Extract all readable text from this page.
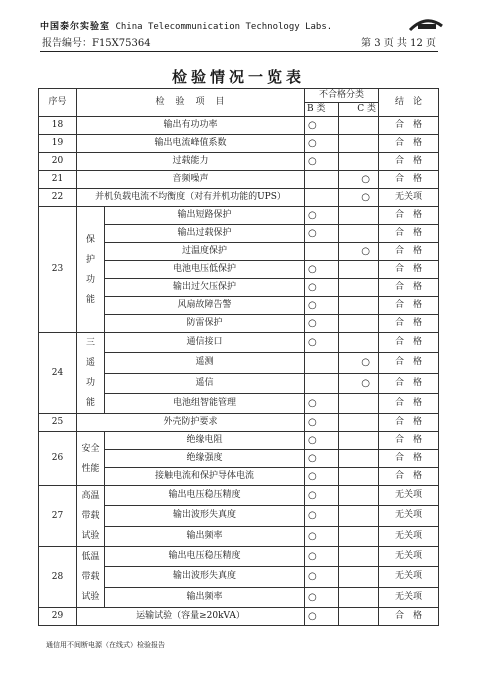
中国泰尔实验室 China Telecommunication Technology Labs.
报告编号：F15X75364	第 3 页 共 12 页
检验情况一览表
序号	检　验　项　目		不合格分类		结　论
			B 类	C 类	
18	输出有功功率		○		合　格
19	输出电流峰值系数		○		合　格
20	过载能力		○		合　格
21	音频噪声			○	合　格
22	并机负载电流不均衡度（对有并机功能的UPS）			○	无关项
23	保
护
功
能	输出短路保护	○		合　格
		输出过载保护	○		合　格
		过温度保护		○	合　格
		电池电压低保护	○		合　格
		输出过欠压保护	○		合　格
		风扇故障告警	○		合　格
		防雷保护	○		合　格
24	三
遥
功
能	通信接口	○		合　格
		遥测		○	合　格
		遥信		○	合　格
		电池组智能管理	○		合　格
25	外壳防护要求		○		合　格
26	安全
性能	绝缘电阻	○		合　格
		绝缘强度	○		合　格
		接触电流和保护导体电流	○		合　格
27	高温
带载
试验	输出电压稳压精度	○		无关项
		输出波形失真度	○		无关项
		输出频率	○		无关项
28	低温
带载
试验	输出电压稳压精度	○		无关项
		输出波形失真度	○		无关项
		输出频率	○		无关项
29	运输试验（容量≥20kVA）		○		合　格
通信用不间断电源（在线式）检验报告
